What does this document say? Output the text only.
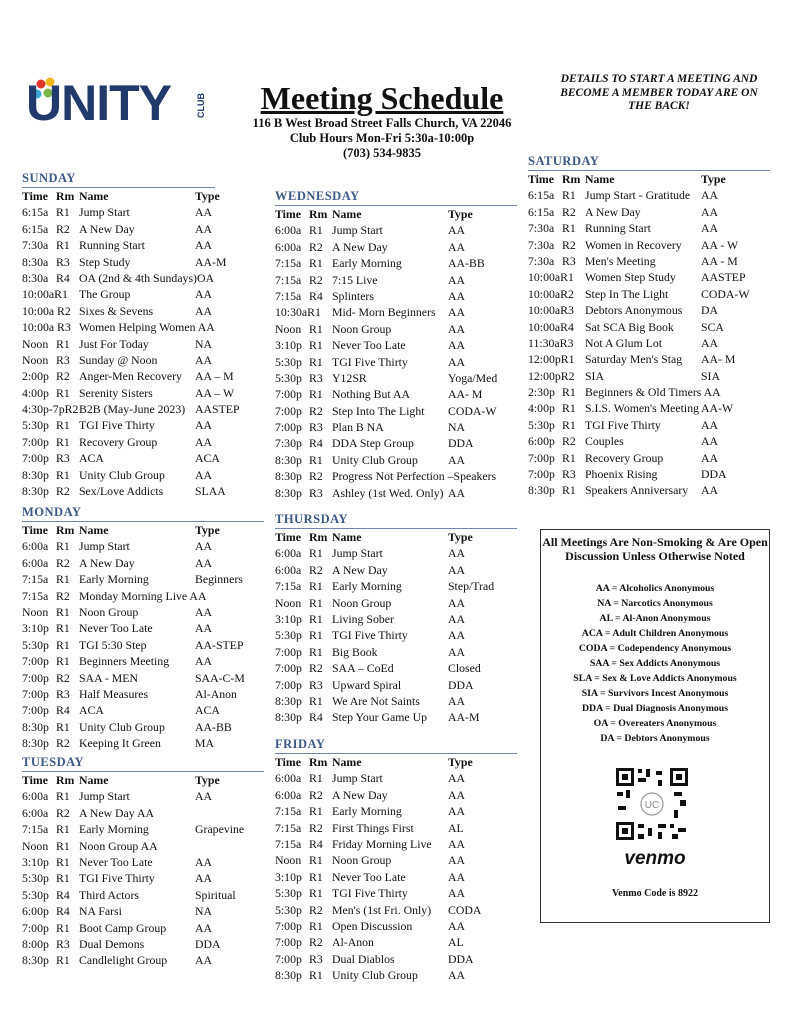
UNITY	CLUB	Meeting Schedule
116 B West Broad Street Falls Church, VA 22046
Club Hours Mon-Fri 5:30a-10:00p
(703) 534-9835
DETAILS TO START A MEETING AND BECOME A MEMBER TODAY ARE ON THE BACK!
SUNDAY
Time Rm Name	Type
6:15a R1 Jump Start	AA
6:15a R2 A New Day	AA
7:30a R1 Running Start	AA
8:30a R3 Step Study	AA-M
8:30a R4 OA (2nd & 4th Sundays)OA
10:00aR1 The Group	AA
10:00a R2 Sixes & Sevens	AA
10:00a R3 Women Helping Women AA
Noon R1 Just For Today	NA
Noon R3 Sunday @ Noon	AA
2:00p R2 Anger-Men Recovery AA – M
4:00p R1 Serenity Sisters	AA – W
4:30p-7pR2 B2B (May-June 2023) AASTEP
5:30p R1 TGI Five Thirty	AA
7:00p R1 Recovery Group	AA
7:00p R3 ACA	ACA
8:30p R1 Unity Club Group	AA
8:30p R2 Sex/Love Addicts	SLAA
MONDAY
Time Rm Name	Type
6:00a R1 Jump Start	AA
6:00a R2 A New Day	AA
7:15a R1 Early Morning	Beginners
7:15a R2 Monday Morning Live AA
Noon R1 Noon Group	AA
3:10p R1 Never Too Late	AA
5:30p R1 TGI 5:30 Step	AA-STEP
7:00p R1 Beginners Meeting AA
7:00p R2 SAA - MEN	SAA-C-M
7:00p R3 Half Measures	Al-Anon
7:00p R4 ACA	ACA
8:30p R1 Unity Club Group	AA-BB
8:30p R2 Keeping It Green	MA
TUESDAY
Time Rm Name	Type
6:00a R1 Jump Start	AA
6:00a R2 A New Day AA
7:15a R1 Early Morning	Grapevine
Noon R1 Noon Group AA
3:10p R1 Never Too Late	AA
5:30p R1 TGI Five Thirty	AA
5:30p R4 Third Actors	Spiritual
6:00p R4 NA Farsi	NA
7:00p R1 Boot Camp Group AA
8:00p R3 Dual Demons	DDA
8:30p R1 Candlelight Group AA
WEDNESDAY
Time Rm Name	Type
6:00a R1 Jump Start	AA
6:00a R2 A New Day	AA
7:15a R1 Early Morning	AA-BB
7:15a R2 7:15 Live	AA
7:15a R4 Splinters	AA
10:30aR1 Mid- Morn Beginners AA
Noon R1 Noon Group	AA
3:10p R1 Never Too Late	AA
5:30p R1 TGI Five Thirty	AA
5:30p R3 Y12SR	Yoga/Med
7:00p R1 Nothing But AA	AA- M
7:00p R2 Step Into The Light CODA-W
7:00p R3 Plan B NA	NA
7:30p R4 DDA Step Group	DDA
8:30p R1 Unity Club Group	AA
8:30p R2 Progress Not Perfection –Speakers
8:30p R3 Ashley (1st Wed. Only) AA
THURSDAY
Time Rm Name	Type
6:00a R1 Jump Start	AA
6:00a R2 A New Day	AA
7:15a R1 Early Morning	Step/Trad
Noon R1 Noon Group	AA
3:10p R1 Living Sober	AA
5:30p R1 TGI Five Thirty	AA
7:00p R1 Big Book	AA
7:00p R2 SAA – CoEd	Closed
7:00p R3 Upward Spiral	DDA
8:30p R1 We Are Not Saints AA
8:30p R4 Step Your Game Up AA-M
FRIDAY
Time Rm Name	Type
6:00a R1 Jump Start	AA
6:00a R2 A New Day	AA
7:15a R1 Early Morning	AA
7:15a R2 First Things First	AL
7:15a R4 Friday Morning Live AA
Noon R1 Noon Group	AA
3:10p R1 Never Too Late	AA
5:30p R1 TGI Five Thirty	AA
5:30p R2 Men's (1st Fri. Only) CODA
7:00p R1 Open Discussion	AA
7:00p R2 Al-Anon	AL
7:00p R3 Dual Diablos	DDA
8:30p R1 Unity Club Group	AA
SATURDAY
Time Rm Name	Type
6:15a R1 Jump Start - Gratitude AA
6:15a R2 A New Day	AA
7:30a R1 Running Start	AA
7:30a R2 Women in Recovery AA - W
7:30a R3 Men's Meeting	AA - M
10:00aR1 Women Step Study AASTEP
10:00aR2 Step In The Light	CODA-W
10:00aR3 Debtors Anonymous DA
10:00aR4 Sat SCA Big Book SCA
11:30aR3 Not A Glum Lot	AA
12:00pR1 Saturday Men's Stag AA- M
12:00pR2 SIA	SIA
2:30p R1 Beginners & Old Timers AA
4:00p R1 S.I.S. Women's Meeting AA-W
5:30p R1 TGI Five Thirty	AA
6:00p R2 Couples	AA
7:00p R1 Recovery Group	AA
7:00p R3 Phoenix Rising	DDA
8:30p R1 Speakers Anniversary AA
All Meetings Are Non-Smoking & Are Open Discussion Unless Otherwise Noted
AA = Alcoholics Anonymous
NA = Narcotics Anonymous
AL = Al-Anon Anonymous
ACA = Adult Children Anonymous
CODA = Codependency Anonymous
SAA = Sex Addicts Anonymous
SLA = Sex & Love Addicts Anonymous
SIA = Survivors Incest Anonymous
DDA = Dual Diagnosis Anonymous
OA = Overeaters Anonymous
DA = Debtors Anonymous
UC
venmo
Venmo Code is 8922
